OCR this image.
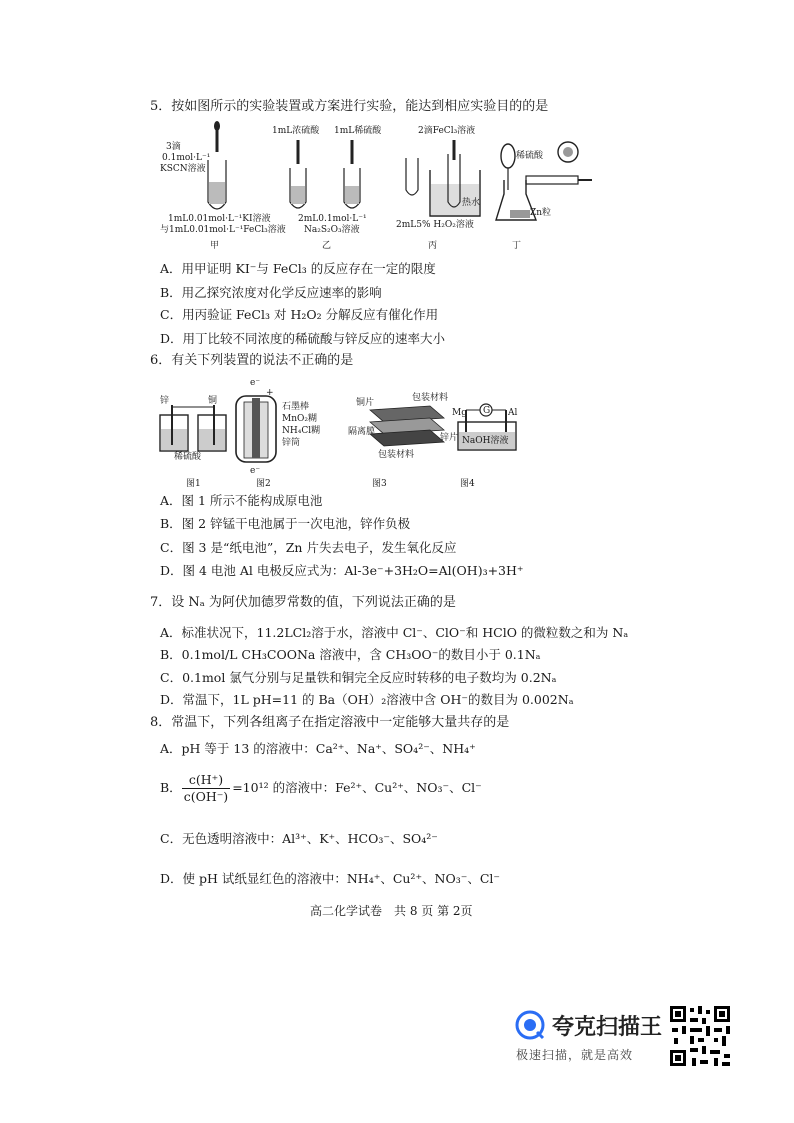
5．按如图所示的实验装置或方案进行实验，能达到相应实验目的的是
3滴
0.1mol·L⁻¹
KSCN溶液
1mL0.01mol·L⁻¹KI溶液
与1mL0.01mol·L⁻¹FeCl₃溶液
甲
1mL浓硫酸 1mL稀硫酸
2mL0.1mol·L⁻¹
Na₂S₂O₃溶液
乙
2滴FeCl₃溶液
热水
2mL5% H₂O₂溶液
丙
稀硫酸
Zn粒
丁
A．用甲证明 KI⁻与 FeCl₃ 的反应存在一定的限度
B．用乙探究浓度对化学反应速率的影响
C．用丙验证 FeCl₃ 对 H₂O₂ 分解反应有催化作用
D．用丁比较不同浓度的稀硫酸与锌反应的速率大小
6．有关下列装置的说法不正确的是
锌	铜
稀硫酸
图1
e⁻
+
石墨棒
MnO₂糊
NH₄Cl糊
锌筒
e⁻
图2
铜片	包装材料
隔离膜
锌片
包装材料
图3
Mg G Al
NaOH溶液
图4
A．图 1 所示不能构成原电池
B．图 2 锌锰干电池属于一次电池，锌作负极
C．图 3 是“纸电池”，Zn 片失去电子，发生氧化反应
D．图 4 电池 Al 电极反应式为：Al-3e⁻+3H₂O=Al(OH)₃+3H⁺
7．设 Nₐ 为阿伏加德罗常数的值，下列说法正确的是
A．标准状况下，11.2LCl₂溶于水，溶液中 Cl⁻、ClO⁻和 HClO 的微粒数之和为 Nₐ
B．0.1mol/L CH₃COONa 溶液中，含 CH₃OO⁻的数目小于 0.1Nₐ
C．0.1mol 氯气分别与足量铁和铜完全反应时转移的电子数均为 0.2Nₐ
D．常温下，1L pH=11 的 Ba（OH）₂溶液中含 OH⁻的数目为 0.002Nₐ
8．常温下，下列各组离子在指定溶液中一定能够大量共存的是
A．pH 等于 13 的溶液中：Ca²⁺、Na⁺、SO₄²⁻、NH₄⁺
B． $\frac{c(H^+)}{c(OH^-)} =10^{12}$ 的溶液中：Fe²⁺、Cu²⁺、NO₃⁻、Cl⁻
C．无色透明溶液中：Al³⁺、K⁺、HCO₃⁻、SO₄²⁻
D．使 pH 试纸显红色的溶液中：NH₄⁺、Cu²⁺、NO₃⁻、Cl⁻
高二化学试卷　共 8 页 第 2页
夸克扫描王
极速扫描，就是高效
